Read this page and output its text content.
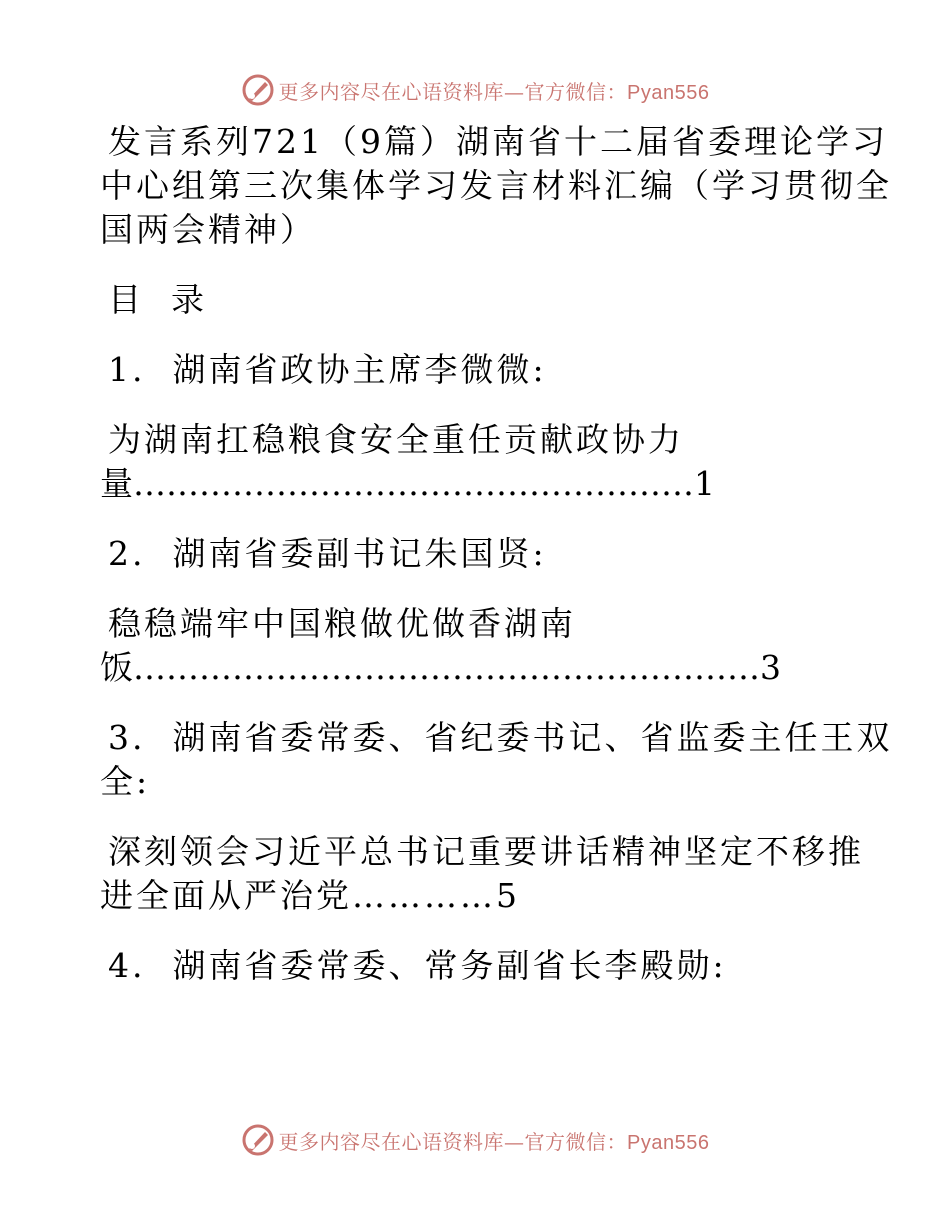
更多内容尽在心语资料库—官方微信：Pyan556

发言系列721（9篇）湖南省十二届省委理论学习

中心组第三次集体学习发言材料汇编（学习贯彻全

国两会精神）

目  录

1.  湖南省政协主席李微微:

为湖南扛稳粮食安全重任贡献政协力

量……………………………………………1

2.  湖南省委副书记朱国贤:

稳稳端牢中国粮做优做香湖南

饭…………………………………………………3

3.  湖南省委常委、省纪委书记、省监委主任王双

全:

深刻领会习近平总书记重要讲话精神坚定不移推

进全面从严治党…………5

4.  湖南省委常委、常务副省长李殿勋:

更多内容尽在心语资料库—官方微信：Pyan556
